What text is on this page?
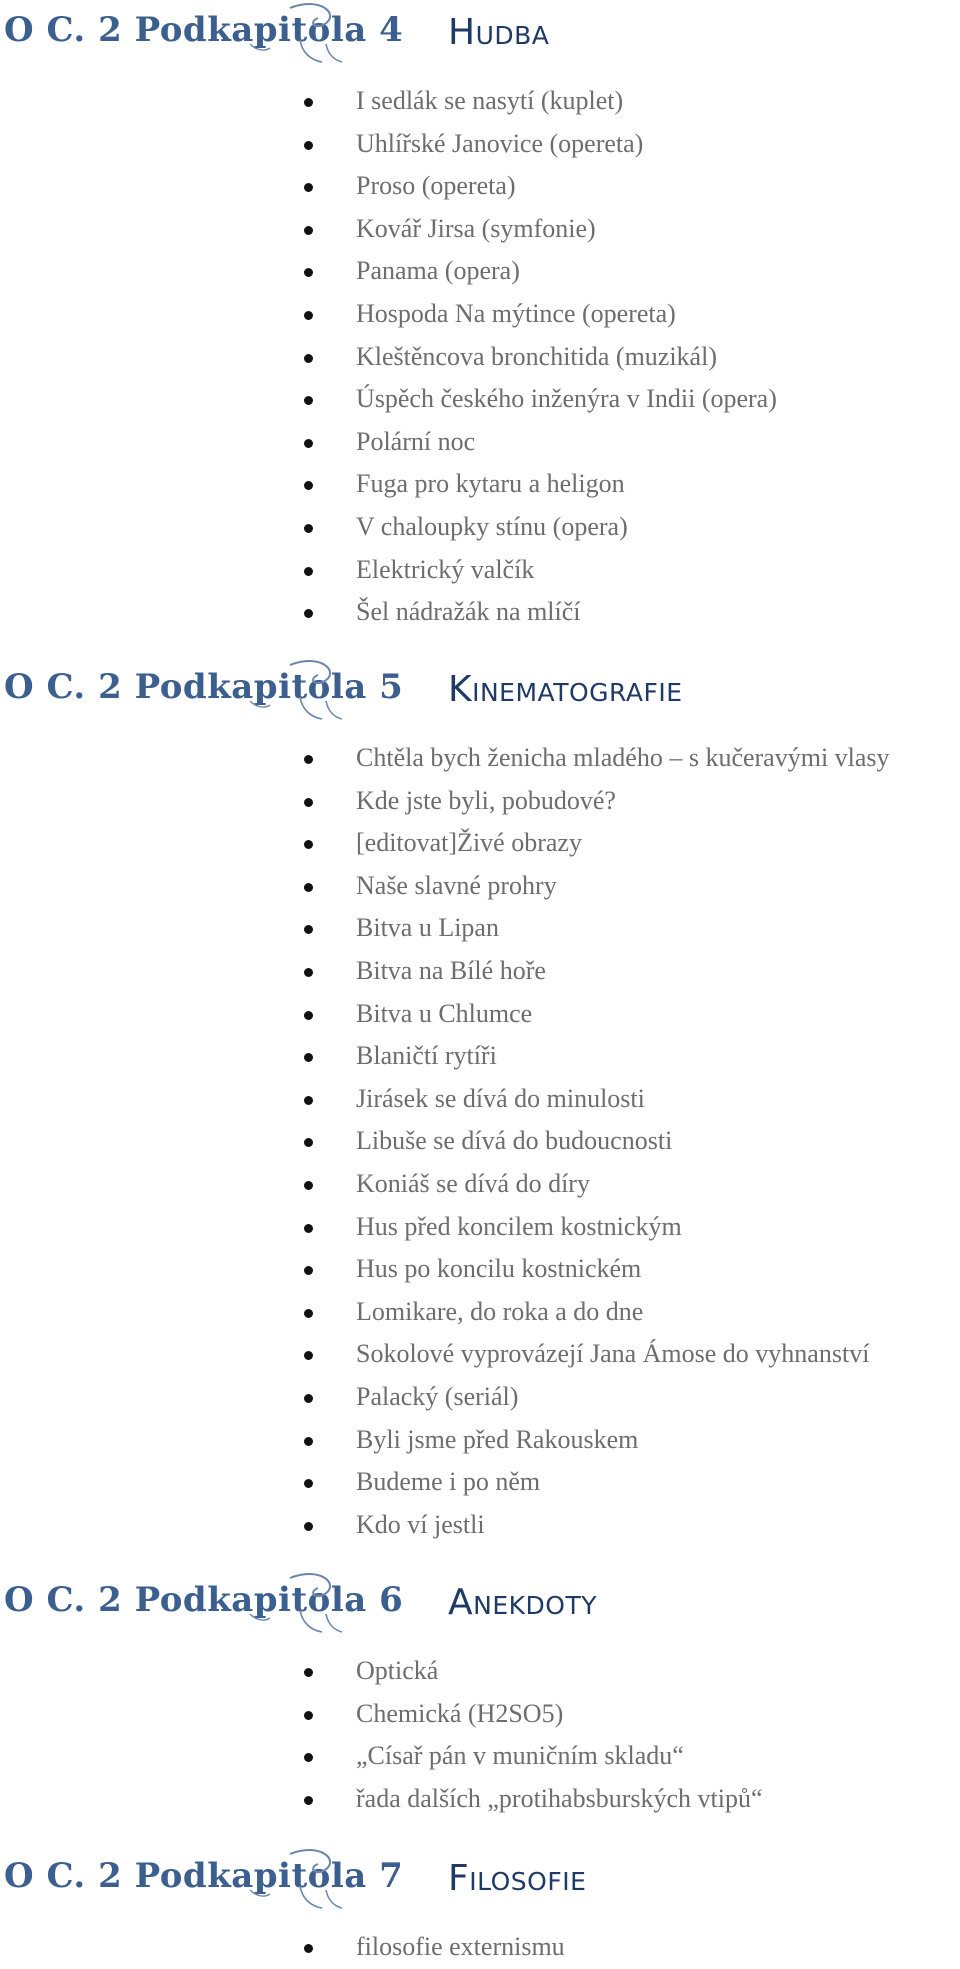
O C. 2 Podkapitola 4 Hudba
I sedlák se nasytí (kuplet)
Uhlířské Janovice (opereta)
Proso (opereta)
Kovář Jirsa (symfonie)
Panama (opera)
Hospoda Na mýtince (opereta)
Kleštěncova bronchitida (muzikál)
Úspěch českého inženýra v Indii (opera)
Polární noc
Fuga pro kytaru a heligon
V chaloupky stínu (opera)
Elektrický valčík
Šel nádražák na mlíčí
O C. 2 Podkapitola 5 Kinematografie
Chtěla bych ženicha mladého – s kučeravými vlasy
Kde jste byli, pobudové?
[editovat]Živé obrazy
Naše slavné prohry
Bitva u Lipan
Bitva na Bílé hoře
Bitva u Chlumce
Blaničtí rytíři
Jirásek se dívá do minulosti
Libuše se dívá do budoucnosti
Koniáš se dívá do díry
Hus před koncilem kostnickým
Hus po koncilu kostnickém
Lomikare, do roka a do dne
Sokolové vyprovázejí Jana Ámose do vyhnanství
Palacký (seriál)
Byli jsme před Rakouskem
Budeme i po něm
Kdo ví jestli
O C. 2 Podkapitola 6 Anekdoty
Optická
Chemická (H2SO5)
„Císař pán v muničním skladu“
řada dalších „protihabsburských vtipů“
O C. 2 Podkapitola 7 Filosofie
filosofie externismu
